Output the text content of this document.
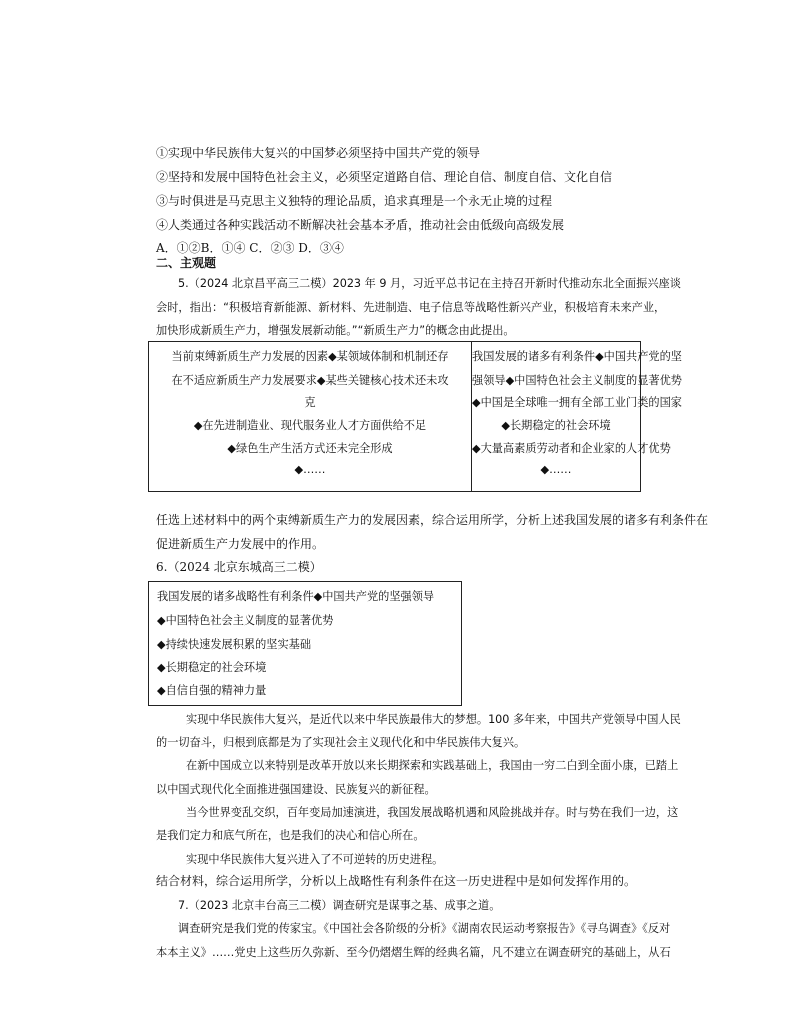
①实现中华民族伟大复兴的中国梦必须坚持中国共产党的领导
②坚持和发展中国特色社会主义，必须坚定道路自信、理论自信、制度自信、文化自信
③与时俱进是马克思主义独特的理论品质，追求真理是一个永无止境的过程
④人类通过各种实践活动不断解决社会基本矛盾，推动社会由低级向高级发展
A．①②B．①④ C．②③ D．③④
二、主观题
5.（2024 北京昌平高三二模）2023 年 9 月，习近平总书记在主持召开新时代推动东北全面振兴座谈
会时，指出：“积极培育新能源、新材料、先进制造、电子信息等战略性新兴产业，积极培育未来产业，
加快形成新质生产力，增强发展新动能。”“新质生产力”的概念由此提出。
当前束缚新质生产力发展的因素◆某领域体制和机制还存
在不适应新质生产力发展要求◆某些关键核心技术还未攻
克
◆在先进制造业、现代服务业人才方面供给不足
◆绿色生产生活方式还未完全形成
◆……
我国发展的诸多有利条件◆中国共产党的坚
强领导◆中国特色社会主义制度的显著优势
◆中国是全球唯一拥有全部工业门类的国家
◆长期稳定的社会环境
◆大量高素质劳动者和企业家的人才优势
◆……
任选上述材料中的两个束缚新质生产力的发展因素，综合运用所学，分析上述我国发展的诸多有利条件在
促进新质生产力发展中的作用。
6.（2024 北京东城高三二模）
我国发展的诸多战略性有利条件◆中国共产党的坚强领导
◆中国特色社会主义制度的显著优势
◆持续快速发展积累的坚实基础
◆长期稳定的社会环境
◆自信自强的精神力量
实现中华民族伟大复兴，是近代以来中华民族最伟大的梦想。100 多年来，中国共产党领导中国人民
的一切奋斗，归根到底都是为了实现社会主义现代化和中华民族伟大复兴。
在新中国成立以来特别是改革开放以来长期探索和实践基础上，我国由一穷二白到全面小康，已踏上
以中国式现代化全面推进强国建设、民族复兴的新征程。
当今世界变乱交织，百年变局加速演进，我国发展战略机遇和风险挑战并存。时与势在我们一边，这
是我们定力和底气所在，也是我们的决心和信心所在。
实现中华民族伟大复兴进入了不可逆转的历史进程。
结合材料，综合运用所学，分析以上战略性有利条件在这一历史进程中是如何发挥作用的。
7.（2023 北京丰台高三二模）调查研究是谋事之基、成事之道。
调查研究是我们党的传家宝。《中国社会各阶级的分析》《湖南农民运动考察报告》《寻乌调查》《反对
本本主义》……党史上这些历久弥新、至今仍熠熠生辉的经典名篇，凡不建立在调查研究的基础上，从石
